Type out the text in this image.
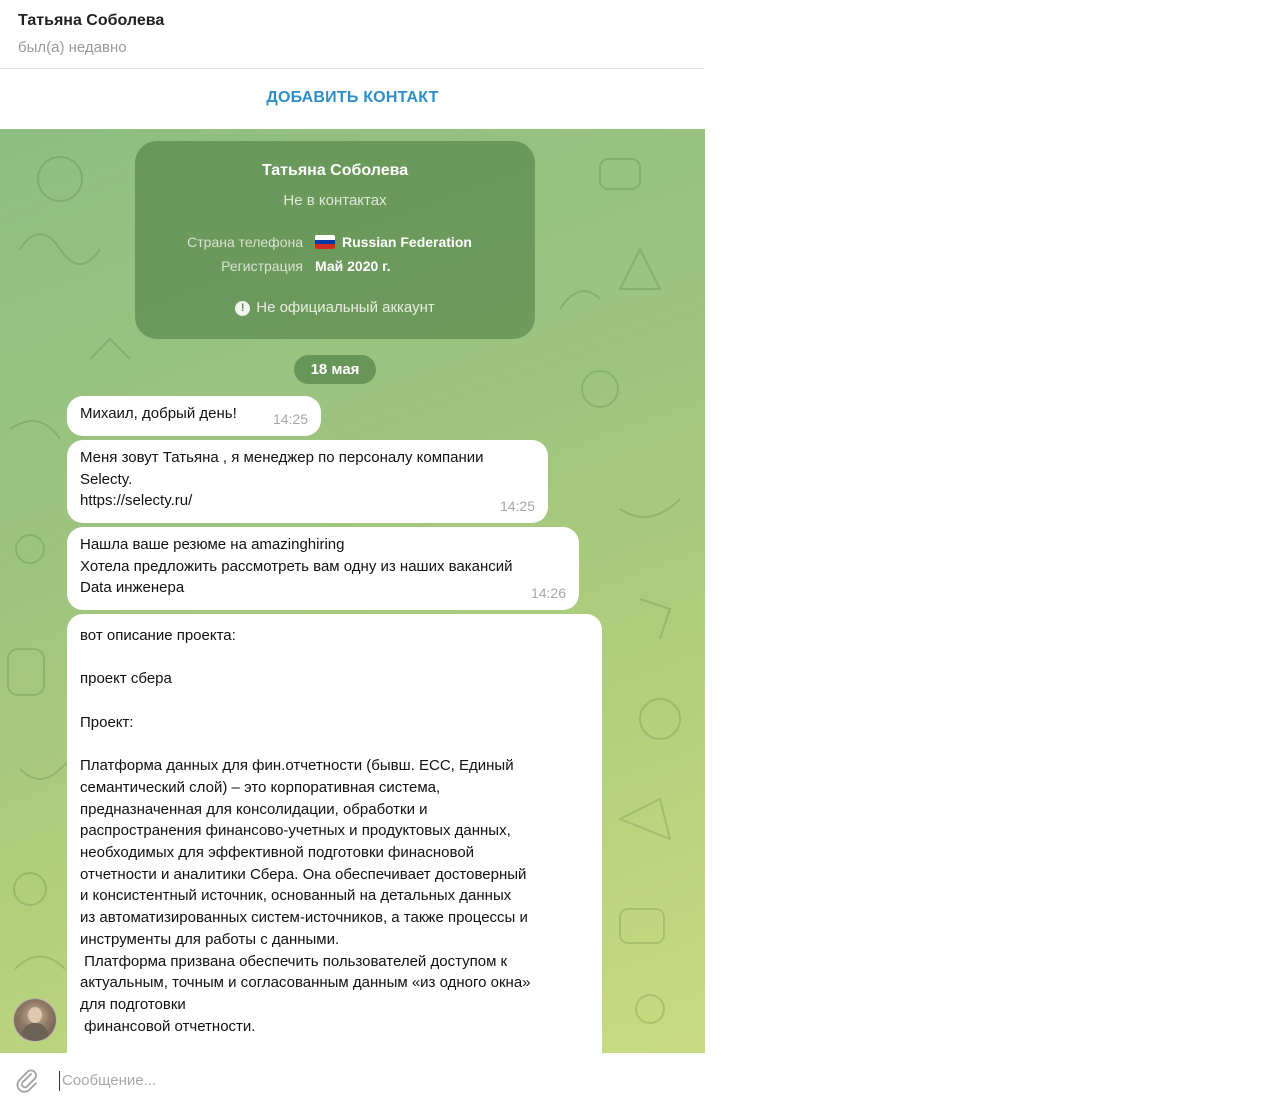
Татьяна Соболева
был(а) недавно
ДОБАВИТЬ КОНТАКТ
Татьяна Соболева
Не в контактах
Страна телефона	Russian Federation
Регистрация Май 2020 г.
! Не официальный аккаунт
18 мая
Михаил, добрый день!	14:25
Меня зовут Татьяна , я менеджер по персоналу компании
Selecty.
https://selecty.ru/	14:25
Нашла ваше резюме на amazinghiring
Хотела предложить рассмотреть вам одну из наших вакансий
Data инженера	14:26
вот описание проекта:

проект сбера

Проект:

Платформа данных для фин.отчетности (бывш. ЕСС, Единый
семантический слой) – это корпоративная система,
предназначенная для консолидации, обработки и
распространения финансово-учетных и продуктовых данных,
необходимых для эффективной подготовки финасновой
отчетности и аналитики Сбера. Она обеспечивает достоверный
и консистентный источник, основанный на детальных данных
из автоматизированных систем-источников, а также процессы и
инструменты для работы с данными.
Платформа призвана обеспечить пользователей доступом к
актуальным, точным и согласованным данным «из одного окна»
для подготовки
финансовой отчетности.
Сообщение...
